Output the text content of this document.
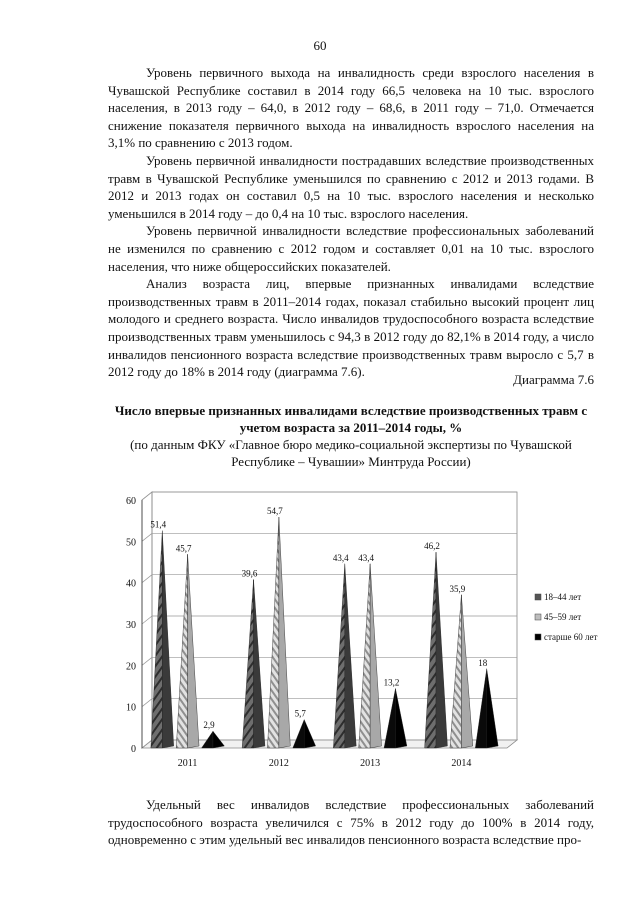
60

Уровень первичного выхода на инвалидность среди взрослого населения в Чувашской Республике составил в 2014 году 66,5 человека на 10 тыс. взрослого населения, в 2013 году – 64,0, в 2012 году – 68,6, в 2011 году – 71,0. Отмечается снижение показателя первичного выхода на инвалидность взрослого населения на 3,1% по сравнению с 2013 годом.

Уровень первичной инвалидности пострадавших вследствие производственных травм в Чувашской Республике уменьшился по сравнению с 2012 и 2013 годами. В 2012 и 2013 годах он составил 0,5 на 10 тыс. взрослого населения и несколько уменьшился в 2014 году – до 0,4 на 10 тыс. взрослого населения.

Уровень первичной инвалидности вследствие профессиональных заболеваний не изменился по сравнению с 2012 годом и составляет 0,01 на 10 тыс. взрослого населения, что ниже общероссийских показателей.

Анализ возраста лиц, впервые признанных инвалидами вследствие производственных травм в 2011–2014 годах, показал стабильно высокий процент лиц молодого и среднего возраста. Число инвалидов трудоспособного возраста вследствие производственных травм уменьшилось с 94,3 в 2012 году до 82,1% в 2014 году, а число инвалидов пенсионного возраста вследствие производственных травм выросло с 5,7 в 2012 году до 18% в 2014 году (диаграмма 7.6).

Диаграмма 7.6
Число впервые признанных инвалидами вследствие производственных травм с учетом возраста за 2011–2014 годы, %
(по данным ФКУ «Главное бюро медико-социальной экспертизы по Чувашской Республике – Чувашии» Минтруда России)
0
10
20
30
40
50
60
2011	2012	2013	2014
51,4
45,7
2,9
39,6
54,7
5,7
43,4 43,4
13,2
46,2
35,9
18
18–44 лет
45–59 лет
старше 60 лет

Удельный вес инвалидов вследствие профессиональных заболеваний трудоспособного возраста увеличился с 75% в 2012 году до 100% в 2014 году, одновременно с этим удельный вес инвалидов пенсионного возраста вследствие про-
